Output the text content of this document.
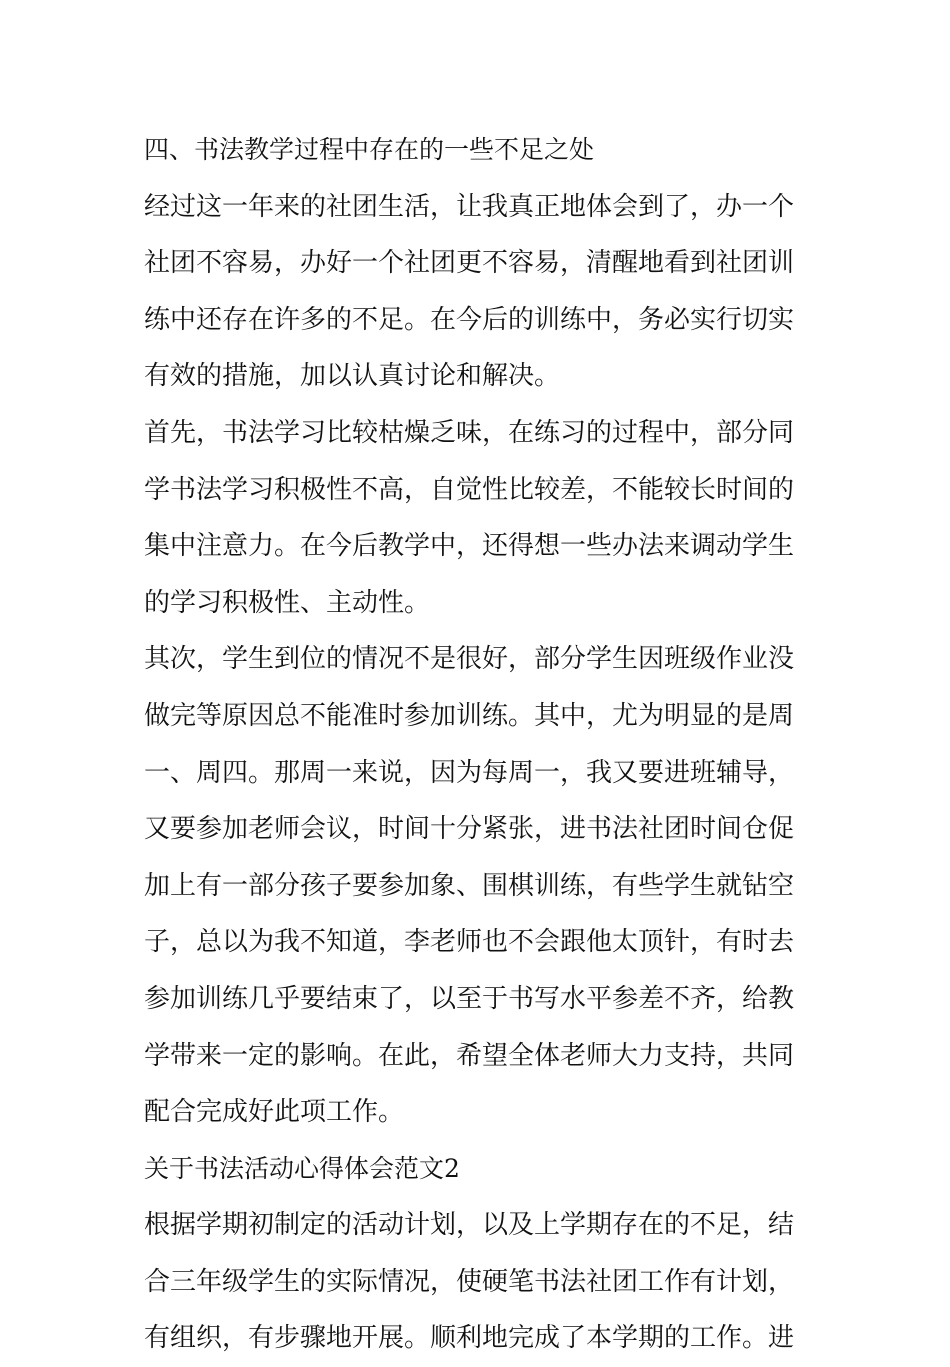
四、书法教学过程中存在的一些不足之处
经过这一年来的社团生活，让我真正地体会到了，办一个
社团不容易，办好一个社团更不容易，清醒地看到社团训
练中还存在许多的不足。在今后的训练中，务必实行切实
有效的措施，加以认真讨论和解决。
首先，书法学习比较枯燥乏味，在练习的过程中，部分同
学书法学习积极性不高，自觉性比较差，不能较长时间的
集中注意力。在今后教学中，还得想一些办法来调动学生
的学习积极性、主动性。
其次，学生到位的情况不是很好，部分学生因班级作业没
做完等原因总不能准时参加训练。其中，尤为明显的是周
一、周四。那周一来说，因为每周一，我又要进班辅导，
又要参加老师会议，时间十分紧张，进书法社团时间仓促
加上有一部分孩子要参加象、围棋训练，有些学生就钻空
子，总以为我不知道，李老师也不会跟他太顶针，有时去
参加训练几乎要结束了，以至于书写水平参差不齐，给教
学带来一定的影响。在此，希望全体老师大力支持，共同
配合完成好此项工作。
关于书法活动心得体会范文2
根据学期初制定的活动计划，以及上学期存在的不足，结
合三年级学生的实际情况，使硬笔书法社团工作有计划，
有组织，有步骤地开展。顺利地完成了本学期的工作。进
